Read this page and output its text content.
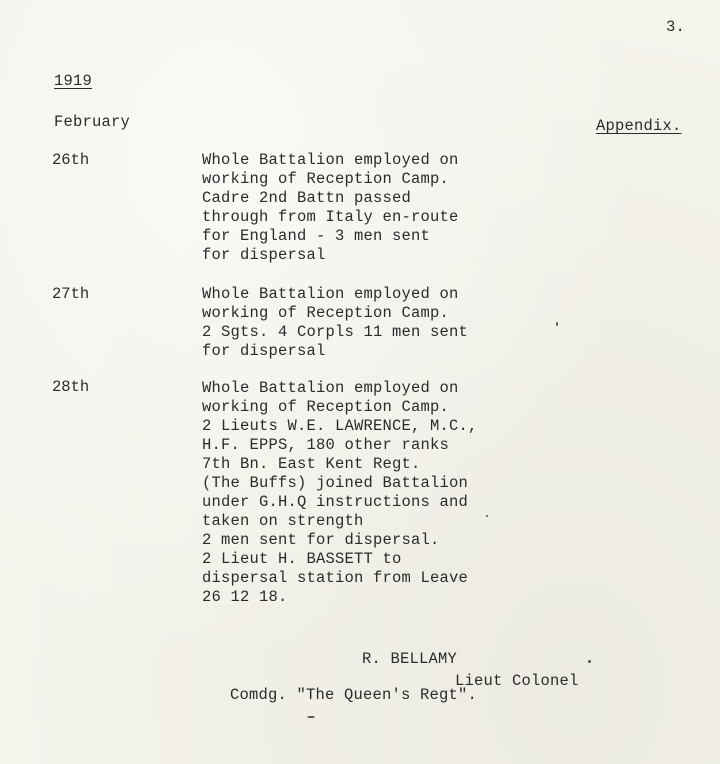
3.
1919
February	Appendix.
26th	Whole Battalion employed on
working of Reception Camp.
Cadre 2nd Battn passed
through from Italy en-route
for England - 3 men sent
for dispersal
27th	Whole Battalion employed on
working of Reception Camp.
2 Sgts. 4 Corpls 11 men sent
for dispersal
28th	Whole Battalion employed on
working of Reception Camp.
2 Lieuts W.E. LAWRENCE, M.C.,
H.F. EPPS, 180 other ranks
7th Bn. East Kent Regt.
(The Buffs) joined Battalion
under G.H.Q instructions and
taken on strength
2 men sent for dispersal.
2 Lieut H. BASSETT to
dispersal station from Leave
26 12 18.
R. BELLAMY
Lieut Colonel
Comdg. "The Queen's Regt".
